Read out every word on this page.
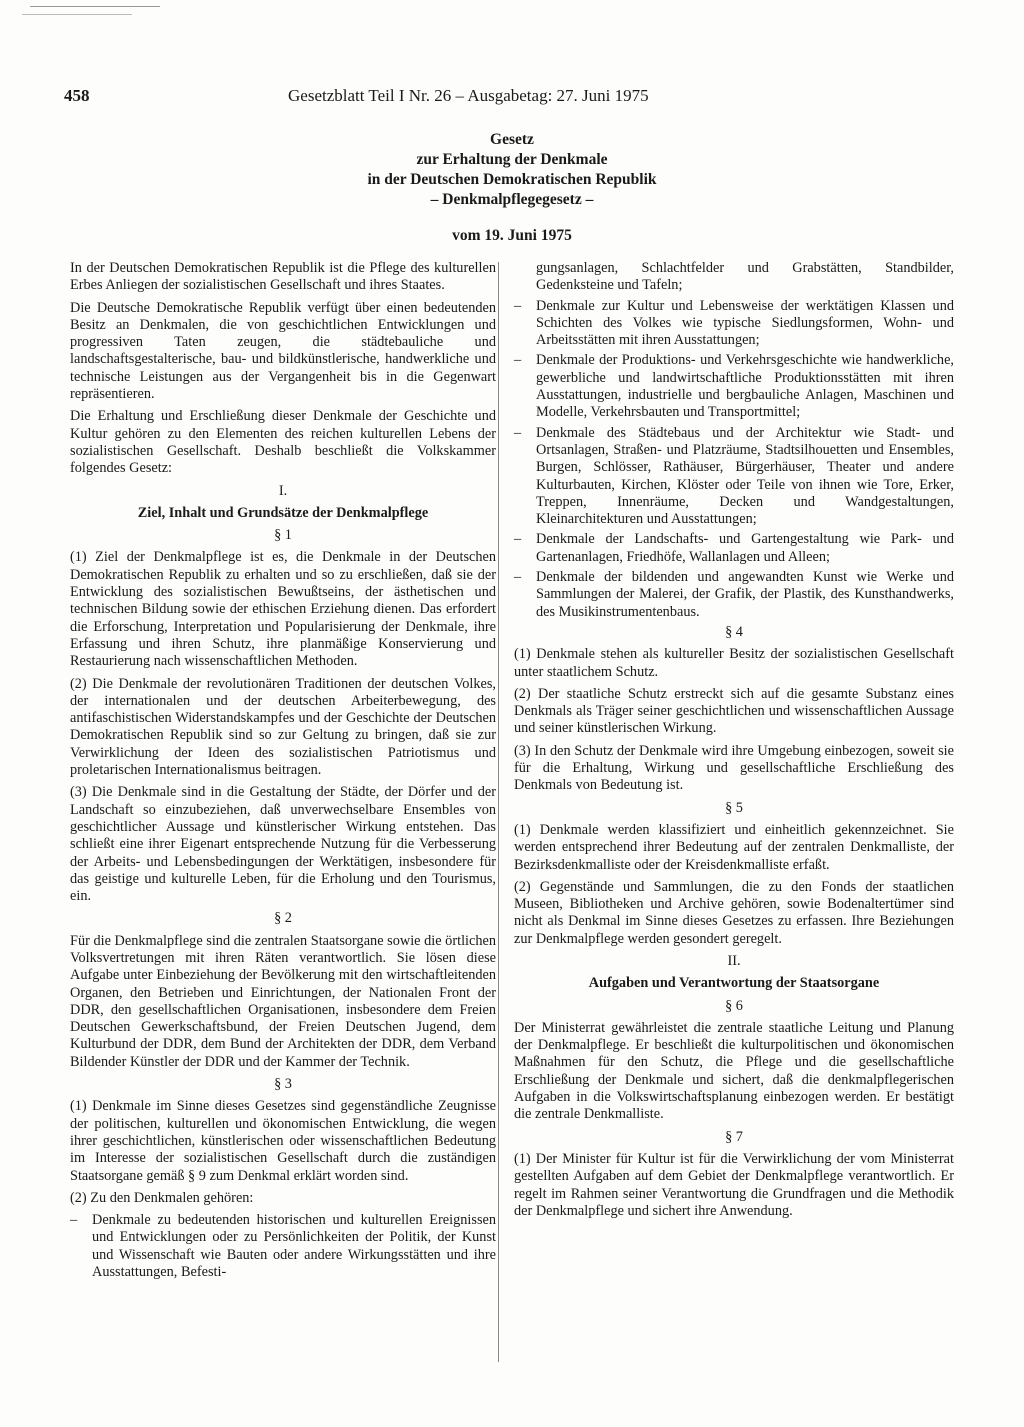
458	Gesetzblatt Teil I Nr. 26 – Ausgabetag: 27. Juni 1975
Gesetz
zur Erhaltung der Denkmale
in der Deutschen Demokratischen Republik
– Denkmalpflegegesetz –
vom 19. Juni 1975

In der Deutschen Demokratischen Republik ist die Pflege des kulturellen Erbes Anliegen der sozialistischen Gesellschaft und ihres Staates.

Die Deutsche Demokratische Republik verfügt über einen bedeutenden Besitz an Denkmalen, die von geschichtlichen Entwicklungen und progressiven Taten zeugen, die städtebauliche und landschaftsgestalterische, bau- und bildkünstlerische, handwerkliche und technische Leistungen aus der Vergangenheit bis in die Gegenwart repräsentieren.

Die Erhaltung und Erschließung dieser Denkmale der Geschichte und Kultur gehören zu den Elementen des reichen kulturellen Lebens der sozialistischen Gesellschaft. Deshalb beschließt die Volkskammer folgendes Gesetz:

I.
Ziel, Inhalt und Grundsätze der Denkmalpflege
§ 1

(1) Ziel der Denkmalpflege ist es, die Denkmale in der Deutschen Demokratischen Republik zu erhalten und so zu erschließen, daß sie der Entwicklung des sozialistischen Bewußtseins, der ästhetischen und technischen Bildung sowie der ethischen Erziehung dienen. Das erfordert die Erforschung, Interpretation und Popularisierung der Denkmale, ihre Erfassung und ihren Schutz, ihre planmäßige Konservierung und Restaurierung nach wissenschaftlichen Methoden.

(2) Die Denkmale der revolutionären Traditionen der deutschen Volkes, der internationalen und der deutschen Arbeiterbewegung, des antifaschistischen Widerstandskampfes und der Geschichte der Deutschen Demokratischen Republik sind so zur Geltung zu bringen, daß sie zur Verwirklichung der Ideen des sozialistischen Patriotismus und proletarischen Internationalismus beitragen.

(3) Die Denkmale sind in die Gestaltung der Städte, der Dörfer und der Landschaft so einzubeziehen, daß unverwechselbare Ensembles von geschichtlicher Aussage und künstlerischer Wirkung entstehen. Das schließt eine ihrer Eigenart entsprechende Nutzung für die Verbesserung der Arbeits- und Lebensbedingungen der Werktätigen, insbesondere für das geistige und kulturelle Leben, für die Erholung und den Tourismus, ein.

§ 2

Für die Denkmalpflege sind die zentralen Staatsorgane sowie die örtlichen Volksvertretungen mit ihren Räten verantwortlich. Sie lösen diese Aufgabe unter Einbeziehung der Bevölkerung mit den wirtschaftleitenden Organen, den Betrieben und Einrichtungen, der Nationalen Front der DDR, den gesellschaftlichen Organisationen, insbesondere dem Freien Deutschen Gewerkschaftsbund, der Freien Deutschen Jugend, dem Kulturbund der DDR, dem Bund der Architekten der DDR, dem Verband Bildender Künstler der DDR und der Kammer der Technik.

§ 3

(1) Denkmale im Sinne dieses Gesetzes sind gegenständliche Zeugnisse der politischen, kulturellen und ökonomischen Entwicklung, die wegen ihrer geschichtlichen, künstlerischen oder wissenschaftlichen Bedeutung im Interesse der sozialistischen Gesellschaft durch die zuständigen Staatsorgane gemäß § 9 zum Denkmal erklärt worden sind.

(2) Zu den Denkmalen gehören:

– Denkmale zu bedeutenden historischen und kulturellen Ereignissen und Entwicklungen oder zu Persönlichkeiten der Politik, der Kunst und Wissenschaft wie Bauten oder andere Wirkungsstätten und ihre Ausstattungen, Befesti-
gungsanlagen, Schlachtfelder und Grabstätten, Standbilder, Gedenksteine und Tafeln;
– Denkmale zur Kultur und Lebensweise der werktätigen Klassen und Schichten des Volkes wie typische Siedlungsformen, Wohn- und Arbeitsstätten mit ihren Ausstattungen;
– Denkmale der Produktions- und Verkehrsgeschichte wie handwerkliche, gewerbliche und landwirtschaftliche Produktionsstätten mit ihren Ausstattungen, industrielle und bergbauliche Anlagen, Maschinen und Modelle, Verkehrsbauten und Transportmittel;
– Denkmale des Städtebaus und der Architektur wie Stadt- und Ortsanlagen, Straßen- und Platzräume, Stadtsilhouetten und Ensembles, Burgen, Schlösser, Rathäuser, Bürgerhäuser, Theater und andere Kulturbauten, Kirchen, Klöster oder Teile von ihnen wie Tore, Erker, Treppen, Innenräume, Decken und Wandgestaltungen, Kleinarchitekturen und Ausstattungen;
– Denkmale der Landschafts- und Gartengestaltung wie Park- und Gartenanlagen, Friedhöfe, Wallanlagen und Alleen;
– Denkmale der bildenden und angewandten Kunst wie Werke und Sammlungen der Malerei, der Grafik, der Plastik, des Kunsthandwerks, des Musikinstrumentenbaus.
§ 4

(1) Denkmale stehen als kultureller Besitz der sozialistischen Gesellschaft unter staatlichem Schutz.

(2) Der staatliche Schutz erstreckt sich auf die gesamte Substanz eines Denkmals als Träger seiner geschichtlichen und wissenschaftlichen Aussage und seiner künstlerischen Wirkung.

(3) In den Schutz der Denkmale wird ihre Umgebung einbezogen, soweit sie für die Erhaltung, Wirkung und gesellschaftliche Erschließung des Denkmals von Bedeutung ist.

§ 5

(1) Denkmale werden klassifiziert und einheitlich gekennzeichnet. Sie werden entsprechend ihrer Bedeutung auf der zentralen Denkmalliste, der Bezirksdenkmalliste oder der Kreisdenkmalliste erfaßt.

(2) Gegenstände und Sammlungen, die zu den Fonds der staatlichen Museen, Bibliotheken und Archive gehören, sowie Bodenaltertümer sind nicht als Denkmal im Sinne dieses Gesetzes zu erfassen. Ihre Beziehungen zur Denkmalpflege werden gesondert geregelt.

II.
Aufgaben und Verantwortung der Staatsorgane
§ 6

Der Ministerrat gewährleistet die zentrale staatliche Leitung und Planung der Denkmalpflege. Er beschließt die kulturpolitischen und ökonomischen Maßnahmen für den Schutz, die Pflege und die gesellschaftliche Erschließung der Denkmale und sichert, daß die denkmalpflegerischen Aufgaben in die Volkswirtschaftsplanung einbezogen werden. Er bestätigt die zentrale Denkmalliste.

§ 7

(1) Der Minister für Kultur ist für die Verwirklichung der vom Ministerrat gestellten Aufgaben auf dem Gebiet der Denkmalpflege verantwortlich. Er regelt im Rahmen seiner Verantwortung die Grundfragen und die Methodik der Denkmalpflege und sichert ihre Anwendung.
